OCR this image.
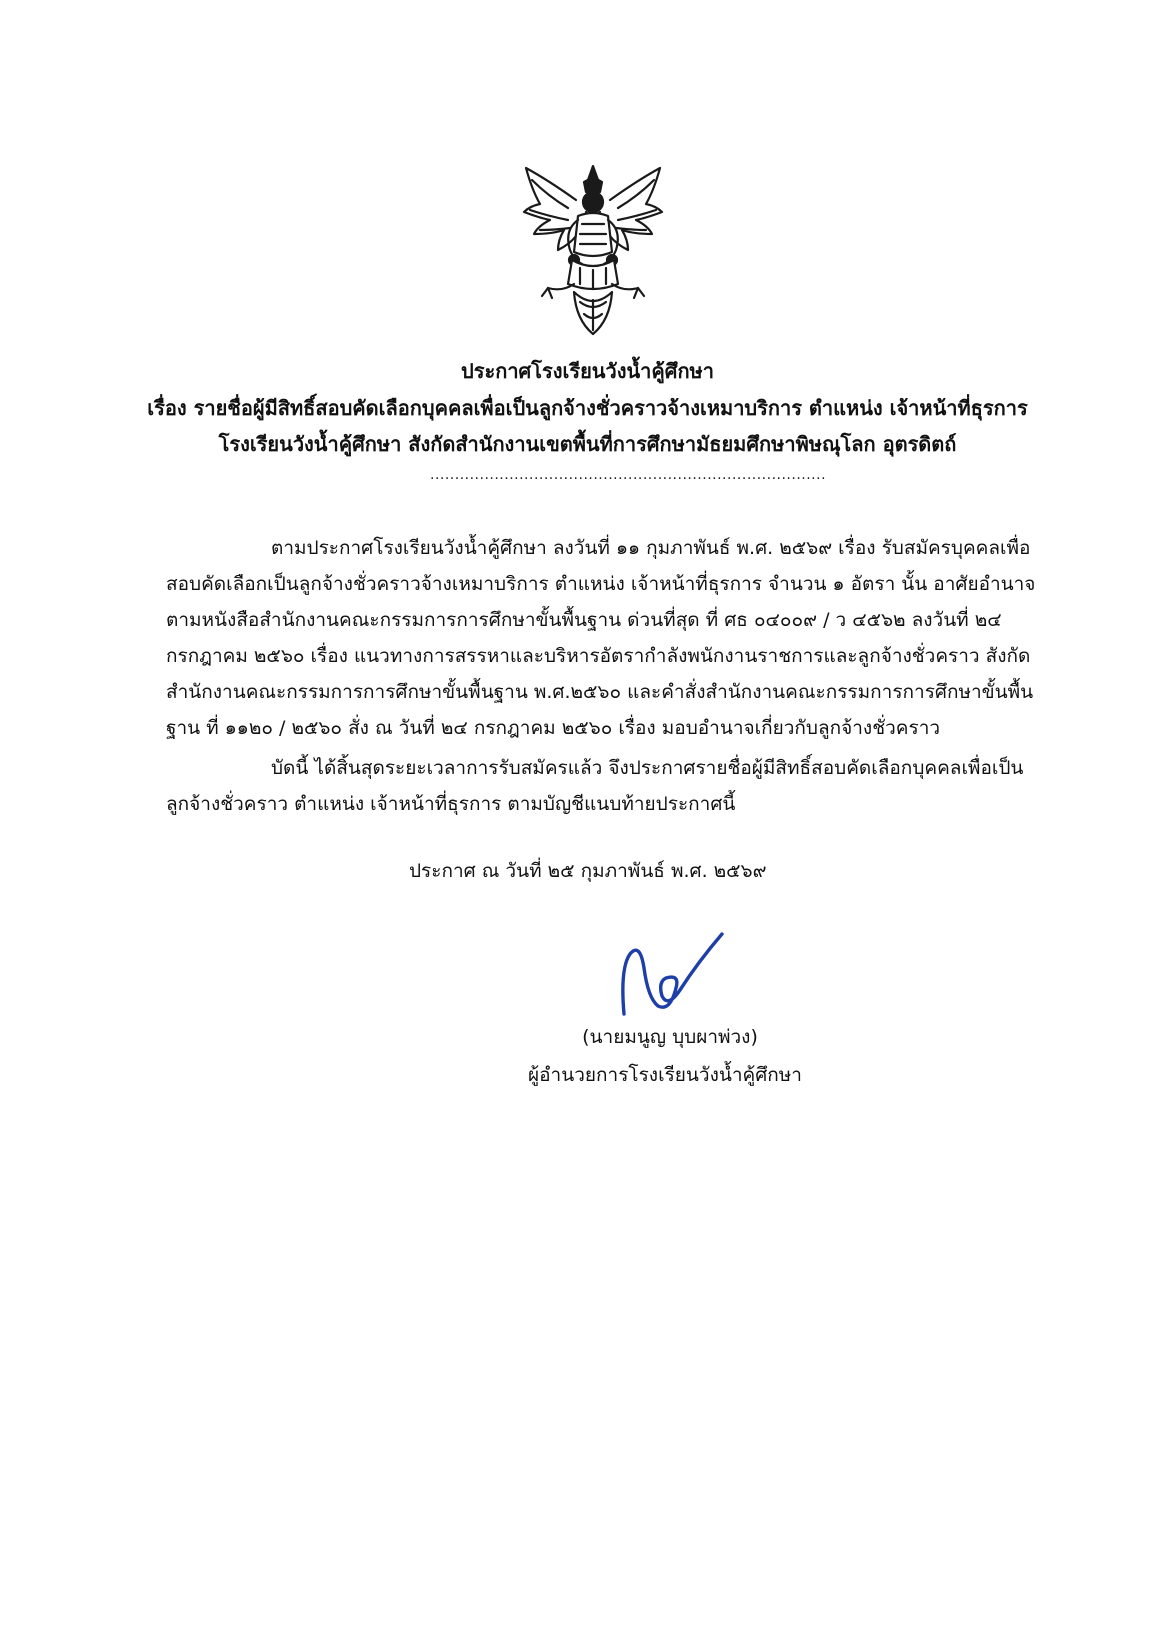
ประกาศโรงเรียนวังน้ำคู้ศึกษา
เรื่อง รายชื่อผู้มีสิทธิ์สอบคัดเลือกบุคคลเพื่อเป็นลูกจ้างชั่วคราวจ้างเหมาบริการ ตำแหน่ง เจ้าหน้าที่ธุรการ
โรงเรียนวังน้ำคู้ศึกษา สังกัดสำนักงานเขตพื้นที่การศึกษามัธยมศึกษาพิษณุโลก อุตรดิตถ์
................................................................................
ตามประกาศโรงเรียนวังน้ำคู้ศึกษา ลงวันที่ ๑๑ กุมภาพันธ์ พ.ศ. ๒๕๖๙ เรื่อง รับสมัครบุคคลเพื่อสอบคัดเลือกเป็นลูกจ้างชั่วคราวจ้างเหมาบริการ ตำแหน่ง เจ้าหน้าที่ธุรการ จำนวน ๑ อัตรา นั้น อาศัยอำนาจตามหนังสือสำนักงานคณะกรรมการการศึกษาขั้นพื้นฐาน ด่วนที่สุด ที่ ศธ ๐๔๐๐๙ / ว ๔๕๖๒ ลงวันที่ ๒๔ กรกฎาคม ๒๕๖๐ เรื่อง แนวทางการสรรหาและบริหารอัตรากำลังพนักงานราชการและลูกจ้างชั่วคราว สังกัดสำนักงานคณะกรรมการการศึกษาขั้นพื้นฐาน พ.ศ.๒๕๖๐ และคำสั่งสำนักงานคณะกรรมการการศึกษาขั้นพื้นฐาน ที่ ๑๑๒๐ / ๒๕๖๐ สั่ง ณ วันที่ ๒๔ กรกฎาคม ๒๕๖๐ เรื่อง มอบอำนาจเกี่ยวกับลูกจ้างชั่วคราว
บัดนี้ ได้สิ้นสุดระยะเวลาการรับสมัครแล้ว จึงประกาศรายชื่อผู้มีสิทธิ์สอบคัดเลือกบุคคลเพื่อเป็นลูกจ้างชั่วคราว ตำแหน่ง เจ้าหน้าที่ธุรการ ตามบัญชีแนบท้ายประกาศนี้
ประกาศ ณ วันที่ ๒๕ กุมภาพันธ์ พ.ศ. ๒๕๖๙
(นายมนูญ บุบผาพ่วง)
ผู้อำนวยการโรงเรียนวังน้ำคู้ศึกษา
